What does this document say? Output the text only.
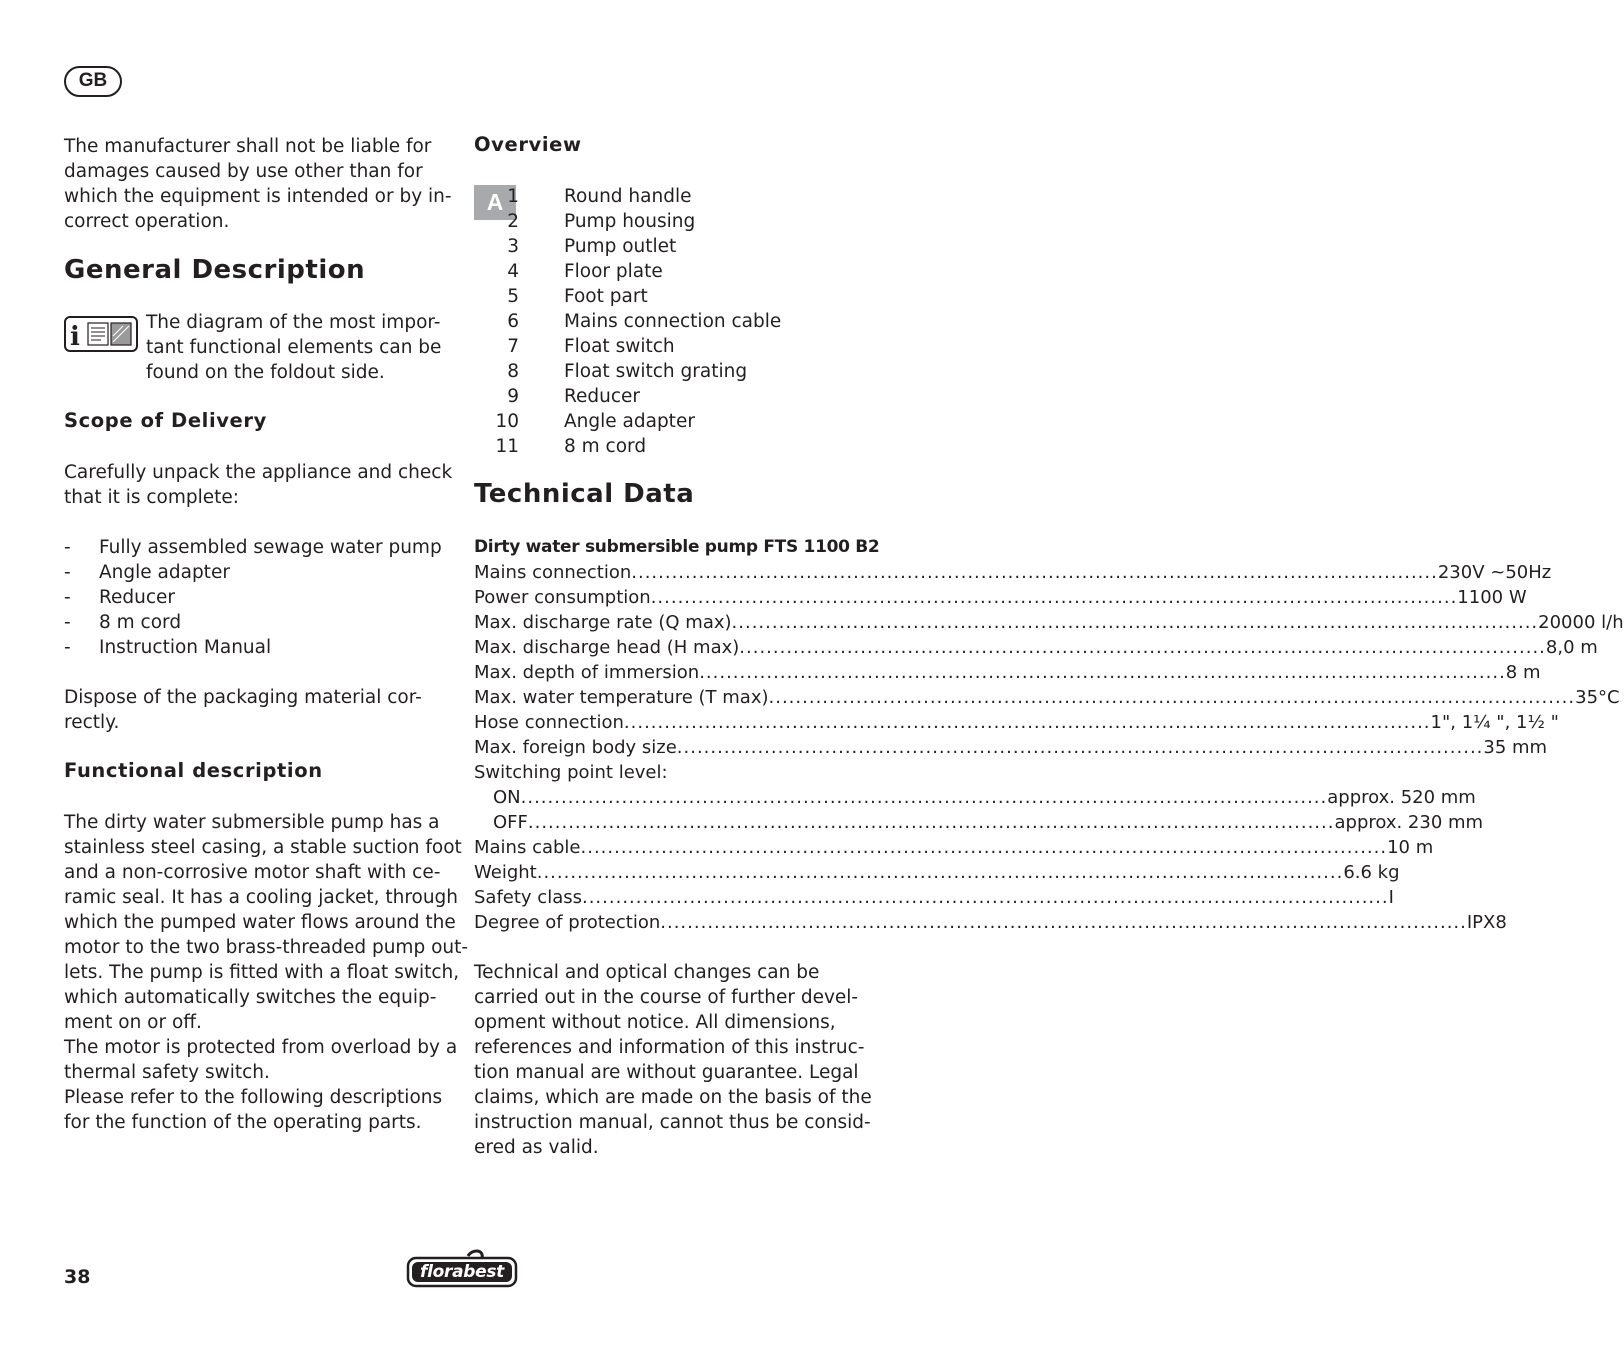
GB
The manufacturer shall not be liable for
damages caused by use other than for
which the equipment is intended or by in-
correct operation.
General Description
i	The diagram of the most impor-
tant functional elements can be
found on the foldout side.
Scope of Delivery
Carefully unpack the appliance and check
that it is complete:
- Fully assembled sewage water pump
- Angle adapter
- Reducer
- 8 m cord
- Instruction Manual
Dispose of the packaging material cor-
rectly.
Functional description
The dirty water submersible pump has a
stainless steel casing, a stable suction foot
and a non-corrosive motor shaft with ce-
ramic seal. It has a cooling jacket, through
which the pumped water flows around the
motor to the two brass-threaded pump out-
lets. The pump is fitted with a float switch,
which automatically switches the equip-
ment on or off.
The motor is protected from overload by a
thermal safety switch.
Please refer to the following descriptions
for the function of the operating parts.
Overview
A 1 Round handle
2 Pump housing
3 Pump outlet
4 Floor plate
5 Foot part
6 Mains connection cable
7 Float switch
8 Float switch grating
9 Reducer
10 Angle adapter
11 8 m cord
Technical Data
Dirty water submersible pump FTS 1100 B2
Mains connection ........................................................................................................................ 230V ~50Hz
Power consumption ........................................................................................................................ 1100 W
Max. discharge rate (Q max) ........................................................................................................................ 20000 l/h
Max. discharge head (H max) ........................................................................................................................ 8,0 m
Max. depth of immersion ........................................................................................................................ 8 m
Max. water temperature (T max) ........................................................................................................................ 35°C
Hose connection ........................................................................................................................ 1", 1¼ ", 1½ "
Max. foreign body size ........................................................................................................................ 35 mm
Switching point level:
ON ........................................................................................................................ approx. 520 mm
OFF ........................................................................................................................ approx. 230 mm
Mains cable ........................................................................................................................ 10 m
Weight ........................................................................................................................ 6.6 kg
Safety class ........................................................................................................................ I
Degree of protection ........................................................................................................................ IPX8
Technical and optical changes can be
carried out in the course of further devel-
opment without notice. All dimensions,
references and information of this instruc-
tion manual are without guarantee. Legal
claims, which are made on the basis of the
instruction manual, cannot thus be consid-
ered as valid.
38	florabest
